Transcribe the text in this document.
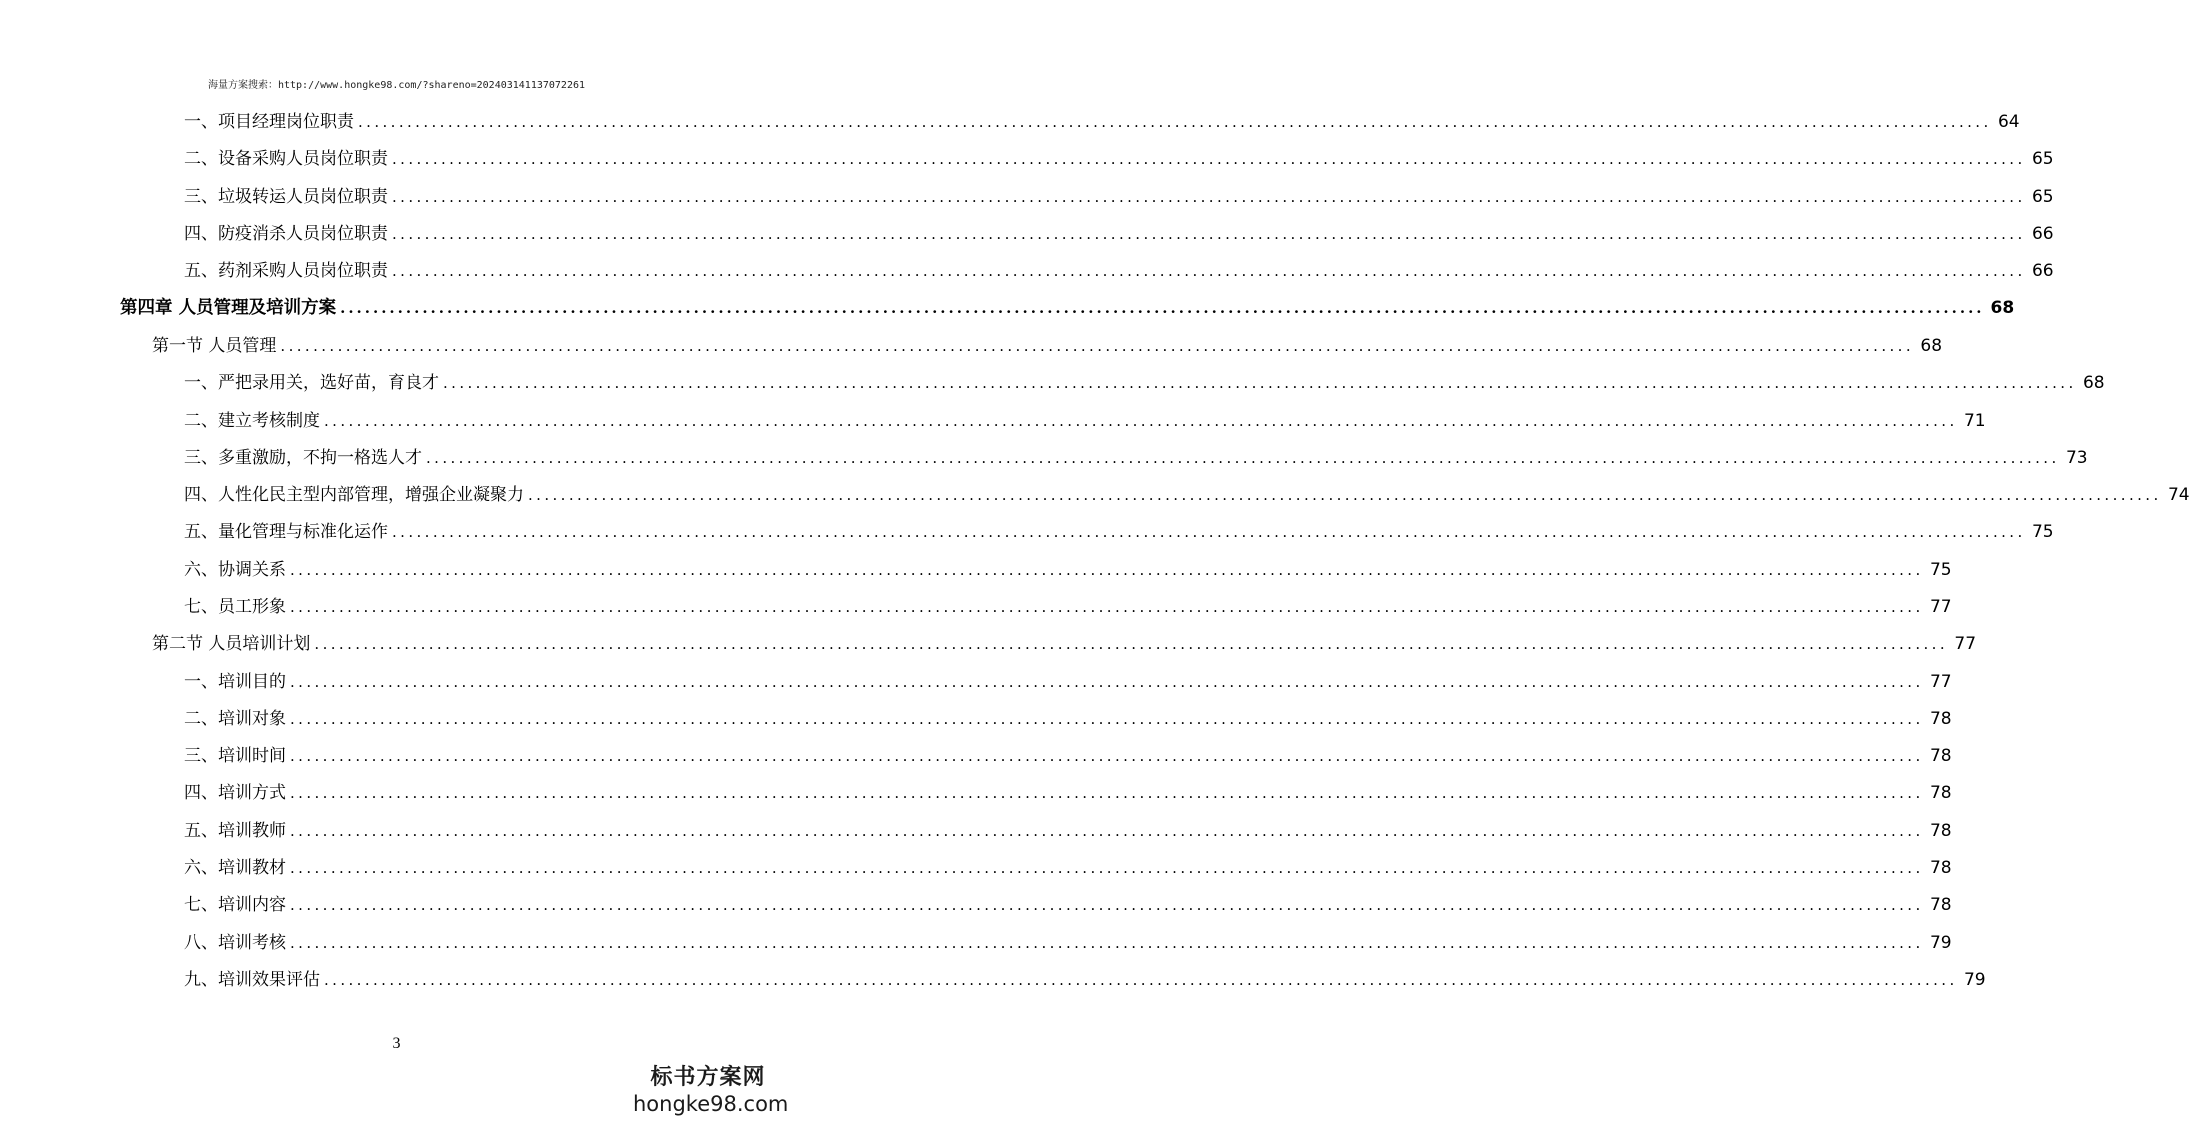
海量方案搜索：http://www.hongke98.com/?shareno=202403141137072261
一、项目经理岗位职责 ........................................................................................................................................................................................................ 64
二、设备采购人员岗位职责 ........................................................................................................................................................................................................ 65
三、垃圾转运人员岗位职责 ........................................................................................................................................................................................................ 65
四、防疫消杀人员岗位职责 ........................................................................................................................................................................................................ 66
五、药剂采购人员岗位职责 ........................................................................................................................................................................................................ 66
第四章 人员管理及培训方案 ........................................................................................................................................................................................................ 68
第一节 人员管理 ........................................................................................................................................................................................................ 68
一、严把录用关，选好苗，育良才 ........................................................................................................................................................................................................ 68
二、建立考核制度 ........................................................................................................................................................................................................ 71
三、多重激励，不拘一格选人才 ........................................................................................................................................................................................................ 73
四、人性化民主型内部管理，增强企业凝聚力 ........................................................................................................................................................................................................ 74
五、量化管理与标准化运作 ........................................................................................................................................................................................................ 75
六、协调关系 ........................................................................................................................................................................................................ 75
七、员工形象 ........................................................................................................................................................................................................ 77
第二节 人员培训计划 ........................................................................................................................................................................................................ 77
一、培训目的 ........................................................................................................................................................................................................ 77
二、培训对象 ........................................................................................................................................................................................................ 78
三、培训时间 ........................................................................................................................................................................................................ 78
四、培训方式 ........................................................................................................................................................................................................ 78
五、培训教师 ........................................................................................................................................................................................................ 78
六、培训教材 ........................................................................................................................................................................................................ 78
七、培训内容 ........................................................................................................................................................................................................ 78
八、培训考核 ........................................................................................................................................................................................................ 79
九、培训效果评估 ........................................................................................................................................................................................................ 79
3
标书方案网
hongke98.com
